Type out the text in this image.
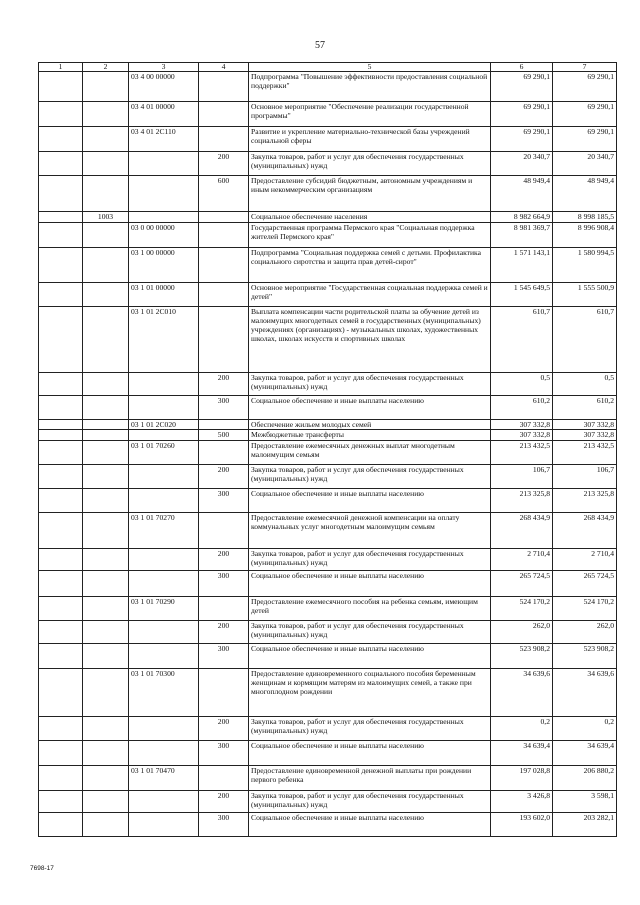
57
1	2	3	4	5	6	7
		03 4 00 00000		Подпрограмма "Повышение эффективности предоставления социальной поддержки"	69 290,1	69 290,1
		03 4 01 00000		Основное мероприятие "Обеспечение реализации государственной программы"	69 290,1	69 290,1
		03 4 01 2С110		Развитие и укрепление материально-технической базы учреждений социальной сферы	69 290,1	69 290,1
			200	Закупка товаров, работ и услуг для обеспечения государственных (муниципальных) нужд	20 340,7	20 340,7
			600	Предоставление субсидий бюджетным, автономным учреждениям и иным некоммерческим организациям	48 949,4	48 949,4
	1003			Социальное обеспечение населения	8 982 664,9	8 998 185,5
		03 0 00 00000		Государственная программа Пермского края "Социальная поддержка жителей Пермского края"	8 981 369,7	8 996 908,4
		03 1 00 00000		Подпрограмма "Социальная поддержка семей с детьми. Профилактика социального сиротства и защита прав детей-сирот"	1 571 143,1	1 580 994,5
		03 1 01 00000		Основное мероприятие "Государственная социальная поддержка семей и детей"	1 545 649,5	1 555 500,9
		03 1 01 2С010		Выплата компенсации части родительской платы за обучение детей из малоимущих многодетных семей в государственных (муниципальных) учреждениях (организациях) - музыкальных школах, художественных школах, школах искусств и спортивных школах	610,7	610,7
			200	Закупка товаров, работ и услуг для обеспечения государственных (муниципальных) нужд	0,5	0,5
			300	Социальное обеспечение и иные выплаты населению	610,2	610,2
		03 1 01 2С020		Обеспечение жильем молодых семей	307 332,8	307 332,8
			500	Межбюджетные трансферты	307 332,8	307 332,8
		03 1 01 70260		Предоставление ежемесячных денежных выплат многодетным малоимущим семьям	213 432,5	213 432,5
			200	Закупка товаров, работ и услуг для обеспечения государственных (муниципальных) нужд	106,7	106,7
			300	Социальное обеспечение и иные выплаты населению	213 325,8	213 325,8
		03 1 01 70270		Предоставление ежемесячной денежной компенсации на оплату коммунальных услуг многодетным малоимущим семьям	268 434,9	268 434,9
			200	Закупка товаров, работ и услуг для обеспечения государственных (муниципальных) нужд	2 710,4	2 710,4
			300	Социальное обеспечение и иные выплаты населению	265 724,5	265 724,5
		03 1 01 70290		Предоставление ежемесячного пособия на ребенка семьям, имеющим детей	524 170,2	524 170,2
			200	Закупка товаров, работ и услуг для обеспечения государственных (муниципальных) нужд	262,0	262,0
			300	Социальное обеспечение и иные выплаты населению	523 908,2	523 908,2
		03 1 01 70300		Предоставление единовременного социального пособия беременным женщинам и кормящим матерям из малоимущих семей, а также при многоплодном рождении	34 639,6	34 639,6
			200	Закупка товаров, работ и услуг для обеспечения государственных (муниципальных) нужд	0,2	0,2
			300	Социальное обеспечение и иные выплаты населению	34 639,4	34 639,4
		03 1 01 70470		Предоставление единовременной денежной выплаты при рождении первого ребенка	197 028,8	206 880,2
			200	Закупка товаров, работ и услуг для обеспечения государственных (муниципальных) нужд	3 426,8	3 598,1
			300	Социальное обеспечение и иные выплаты населению	193 602,0	203 282,1
7698-17
